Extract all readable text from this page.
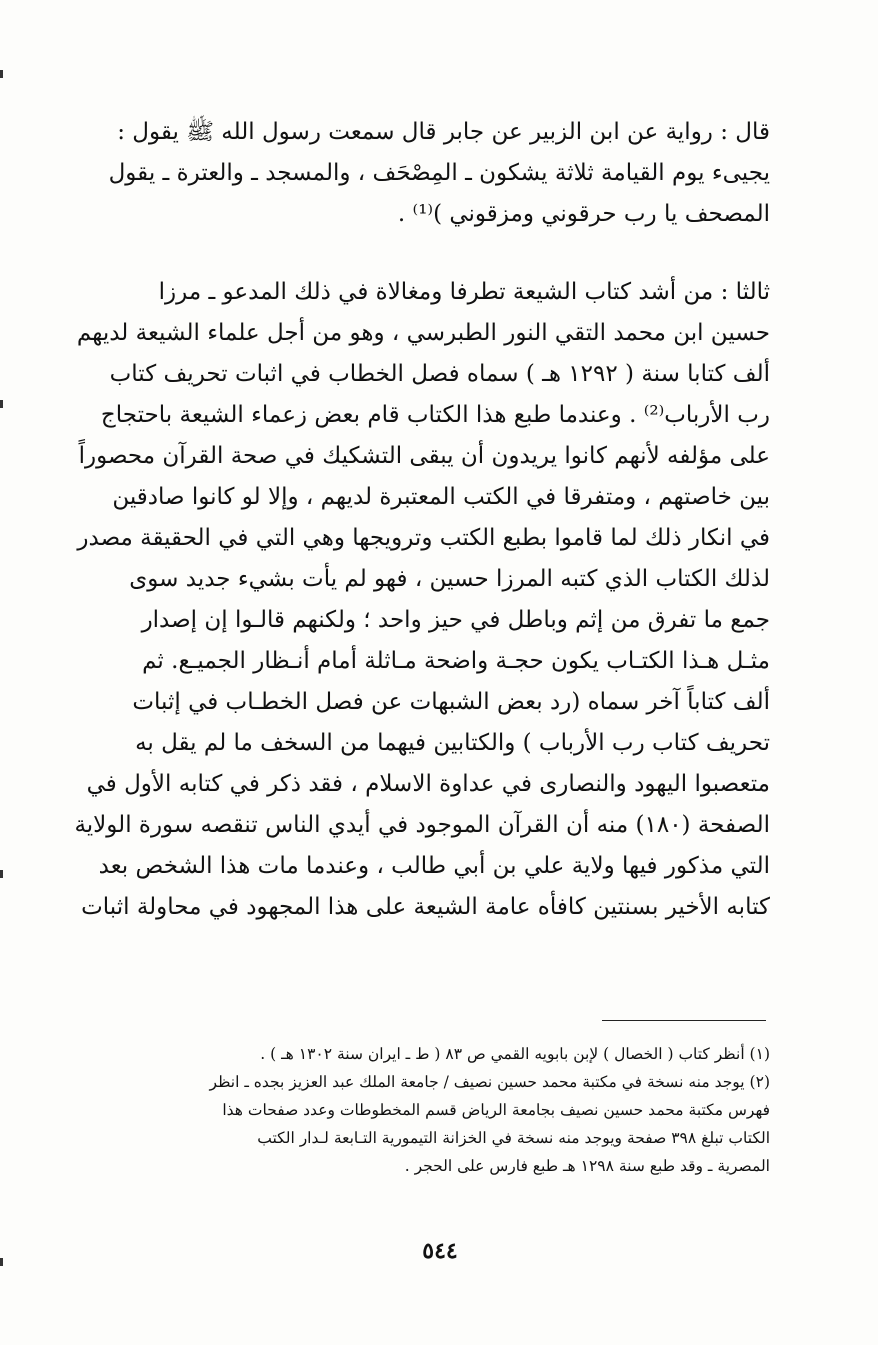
قال : رواية عن ابن الزبير عن جابر قال سمعت رسول الله ﷺ يقول :
يجيىء يوم القيامة ثلاثة يشكون ـ المِصْحَف ، والمسجد ـ والعترة ـ يقول
المصحف يا رب حرقوني ومزقوني )⁽¹⁾ .
ثالثا : من أشد كتاب الشيعة تطرفا ومغالاة في ذلك المدعو ـ مرزا
حسين ابن محمد التقي النور الطبرسي ، وهو من أجل علماء الشيعة لديهم
ألف كتابا سنة ( ١٢٩٢ هـ ) سماه فصل الخطاب في اثبات تحريف كتاب
رب الأرباب⁽²⁾ . وعندما طبع هذا الكتاب قام بعض زعماء الشيعة باحتجاج
على مؤلفه لأنهم كانوا يريدون أن يبقى التشكيك في صحة القرآن محصوراً
بين خاصتهم ، ومتفرقا في الكتب المعتبرة لديهم ، وإلا لو كانوا صادقين
في انكار ذلك لما قاموا بطبع الكتب وترويجها وهي التي في الحقيقة مصدر
لذلك الكتاب الذي كتبه المرزا حسين ، فهو لم يأت بشيء جديد سوى
جمع ما تفرق من إثم وباطل في حيز واحد ؛ ولكنهم قالـوا إن إصدار
مثـل هـذا الكتـاب يكون حجـة واضحة مـاثلة أمام أنـظار الجميـع. ثم
ألف كتاباً آخر سماه (رد بعض الشبهات عن فصل الخطـاب في إثبات
تحريف كتاب رب الأرباب ) والكتابين فيهما من السخف ما لم يقل به
متعصبوا اليهود والنصارى في عداوة الاسلام ، فقد ذكر في كتابه الأول في
الصفحة (١٨٠) منه أن القرآن الموجود في أيدي الناس تنقصه سورة الولاية
التي مذكور فيها ولاية علي بن أبي طالب ، وعندما مات هذا الشخص بعد
كتابه الأخير بسنتين كافأه عامة الشيعة على هذا المجهود في محاولة اثبات
(١) أنظر كتاب ( الخصال ) لإبن بابويه القمي ص ٨٣ ( ط ـ ايران سنة ١٣٠٢ هـ ) .
(٢) يوجد منه نسخة في مكتبة محمد حسين نصيف / جامعة الملك عبد العزيز بجده ـ انظر
فهرس مكتبة محمد حسين نصيف بجامعة الرياض قسم المخطوطات وعدد صفحات هذا
الكتاب تبلغ ٣٩٨ صفحة ويوجد منه نسخة في الخزانة التيمورية التـابعة لـدار الكتب
المصرية ـ وقد طبع سنة ١٢٩٨ هـ طبع فارس على الحجر .
٥٤٤
